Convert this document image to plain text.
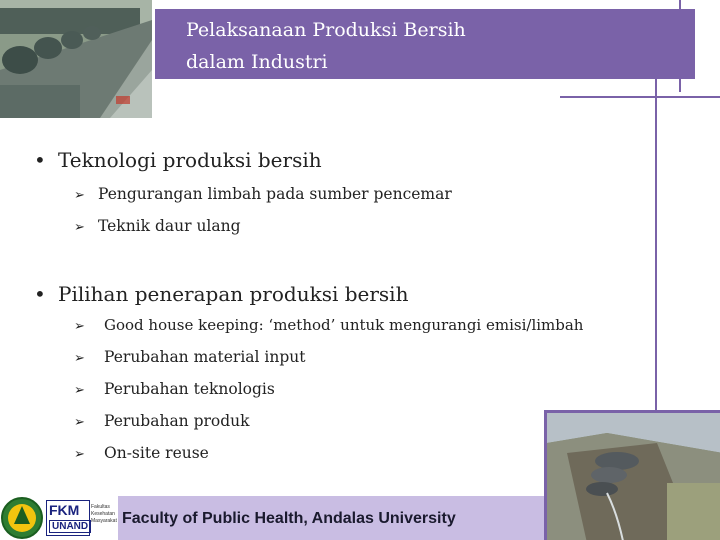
Pelaksanaan Produksi Bersih
dalam Industri
• Teknologi produksi bersih
➢ Pengurangan limbah pada sumber pencemar
➢ Teknik daur ulang
• Pilihan penerapan produksi bersih
➢ Good house keeping: ‘method’ untuk mengurangi emisi/limbah
➢ Perubahan material input
➢ Perubahan teknologis
➢ Perubahan produk
➢ On-site reuse
FKM
UNAND
Fakultas Kesehatan Masyarakat Faculty of Public Health, Andalas University
